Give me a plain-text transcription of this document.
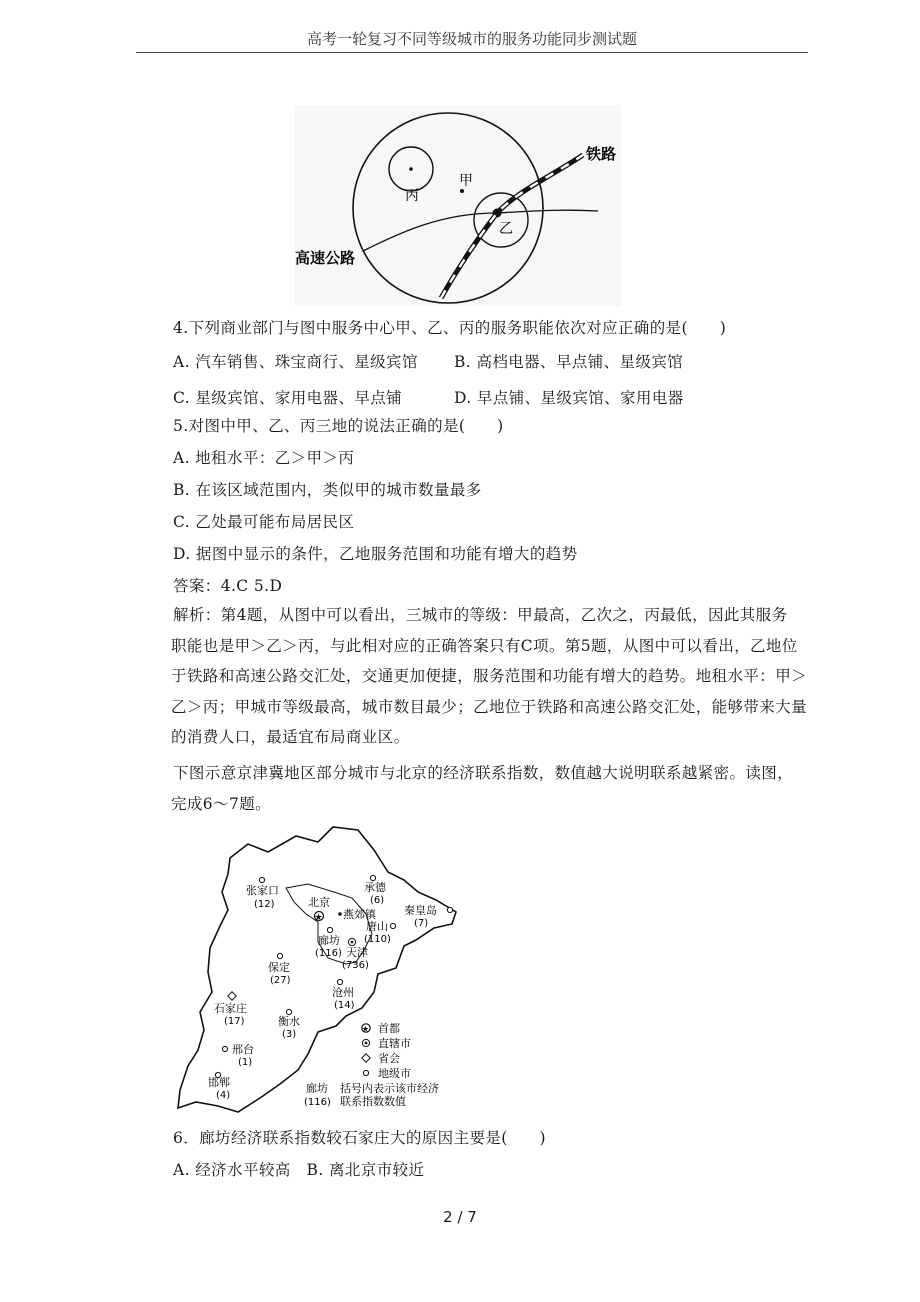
高考一轮复习不同等级城市的服务功能同步测试题
铁路
高速公路
甲
乙
丙
4.下列商业部门与图中服务中心甲、乙、丙的服务职能依次对应正确的是(　　)
A. 汽车销售、珠宝商行、星级宾馆 B. 高档电器、早点铺、星级宾馆
C. 星级宾馆、家用电器、早点铺	D. 早点铺、星级宾馆、家用电器
5.对图中甲、乙、丙三地的说法正确的是(　　)
A. 地租水平：乙＞甲＞丙
B. 在该区域范围内，类似甲的城市数量最多
C. 乙处最可能布局居民区
D. 据图中显示的条件，乙地服务范围和功能有增大的趋势
答案：4.C 5.D
解析：第4题，从图中可以看出，三城市的等级：甲最高，乙次之，丙最低，因此其服务
职能也是甲＞乙＞丙，与此相对应的正确答案只有C项。第5题，从图中可以看出，乙地位
于铁路和高速公路交汇处，交通更加便捷，服务范围和功能有增大的趋势。地租水平：甲＞
乙＞丙；甲城市等级最高，城市数目最少；乙地位于铁路和高速公路交汇处，能够带来大量
的消费人口，最适宜布局商业区。
下图示意京津冀地区部分城市与北京的经济联系指数，数值越大说明联系越紧密。读图，
完成6～7题。
张家口
(12)
承德
(6)
北京
★ 燕郊镇	秦皇岛
(7)
唐山
(110)
廊坊
(116) 天津
(736)
保定
(27)
沧州
(14)
石家庄
(17)	衡水
(3)
邢台
(1)
邯郸
(4)
★ 首都
直辖市
省会
地级市
廊坊
(116)
括号内表示该市经济
联系指数数值
6．廊坊经济联系指数较石家庄大的原因主要是(　　)
A. 经济水平较高　B. 离北京市较近
2 / 7
